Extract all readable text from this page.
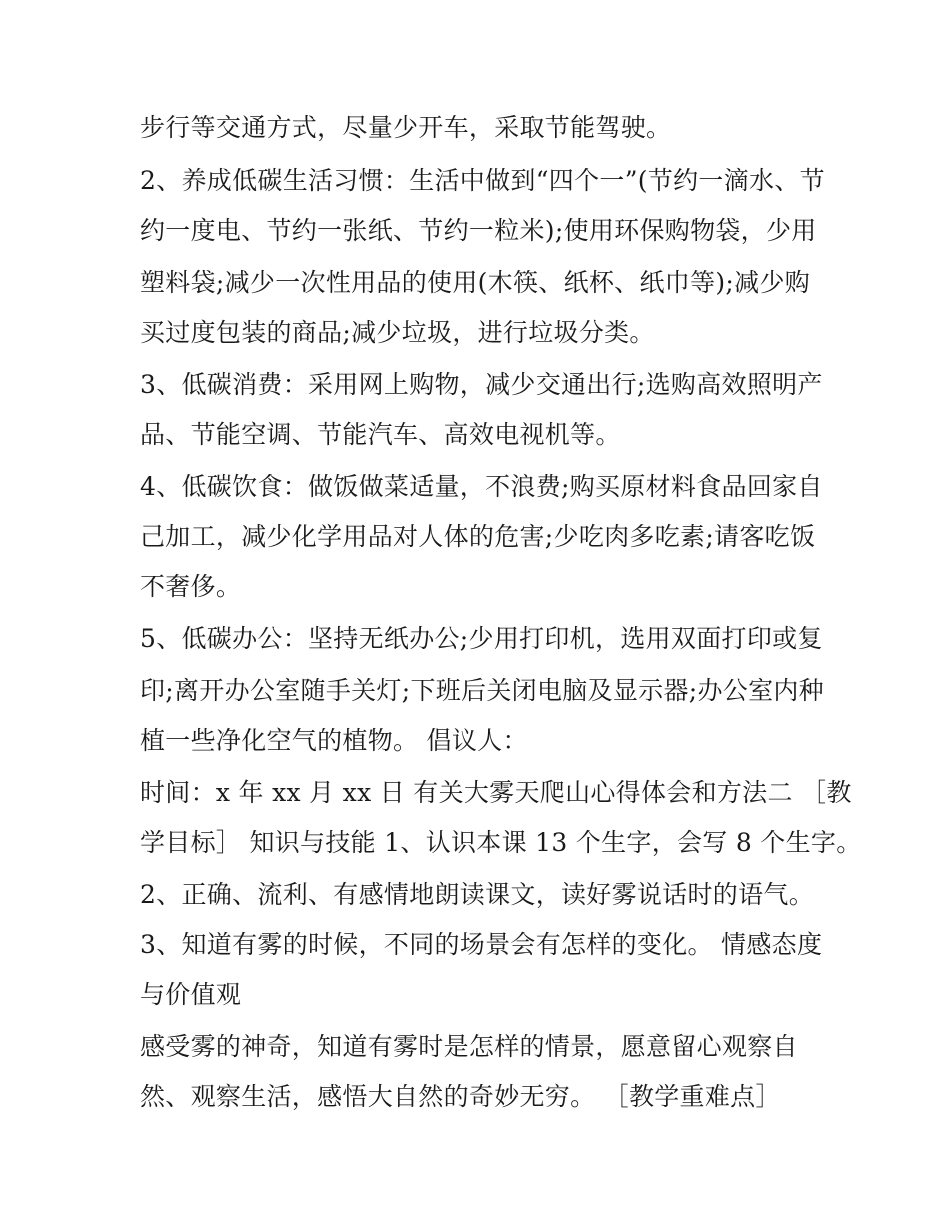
步行等交通方式，尽量少开车，采取节能驾驶。
2、养成低碳生活习惯：生活中做到“四个一”(节约一滴水、节
约一度电、节约一张纸、节约一粒米);使用环保购物袋，少用
塑料袋;减少一次性用品的使用(木筷、纸杯、纸巾等);减少购
买过度包装的商品;减少垃圾，进行垃圾分类。
3、低碳消费：采用网上购物，减少交通出行;选购高效照明产
品、节能空调、节能汽车、高效电视机等。
4、低碳饮食：做饭做菜适量，不浪费;购买原材料食品回家自
己加工，减少化学用品对人体的危害;少吃肉多吃素;请客吃饭
不奢侈。
5、低碳办公：坚持无纸办公;少用打印机，选用双面打印或复
印;离开办公室随手关灯;下班后关闭电脑及显示器;办公室内种
植一些净化空气的植物。 倡议人：
时间：x 年 xx 月 xx 日 有关大雾天爬山心得体会和方法二 ［教
学目标］ 知识与技能 1、认识本课 13 个生字，会写 8 个生字。
2、正确、流利、有感情地朗读课文，读好雾说话时的语气。
3、知道有雾的时候，不同的场景会有怎样的变化。 情感态度
与价值观
感受雾的神奇，知道有雾时是怎样的情景，愿意留心观察自
然、观察生活，感悟大自然的奇妙无穷。 ［教学重难点］
